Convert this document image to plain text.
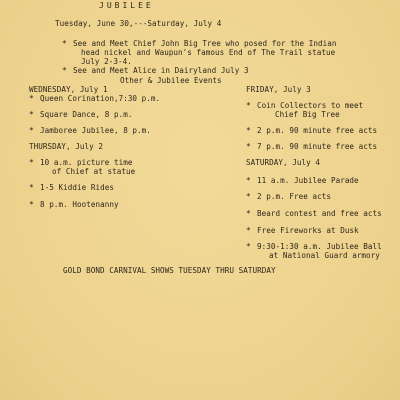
JUBILEE
Tuesday, June 30,---Saturday, July 4
* See and Meet Chief John Big Tree who posed for the Indian
head nickel and Waupun's famous End of The Trail statue
July 2-3-4.
* See and Meet Alice in Dairyland July 3
Other & Jubilee Events
WEDNESDAY, July 1
* Queen Corination,7:30 p.m.
* Square Dance, 8 p.m.
* Jamboree Jubilee, 8 p.m.
THURSDAY, July 2
* 10 a.m. picture time
of Chief at statue
* 1-5 Kiddie Rides
* 8 p.m. Hootenanny
FRIDAY, July 3
* Coin Collectors to meet
Chief Big Tree
* 2 p.m. 90 minute free acts
* 7 p.m. 90 minute free acts
SATURDAY, July 4
* 11 a.m. Jubilee Parade
* 2 p.m. Free acts
* Beard contest and free acts
* Free Fireworks at Dusk
* 9:30-1:30 a.m. Jubilee Ball
at National Guard armory
GOLD BOND CARNIVAL SHOWS TUESDAY THRU SATURDAY
